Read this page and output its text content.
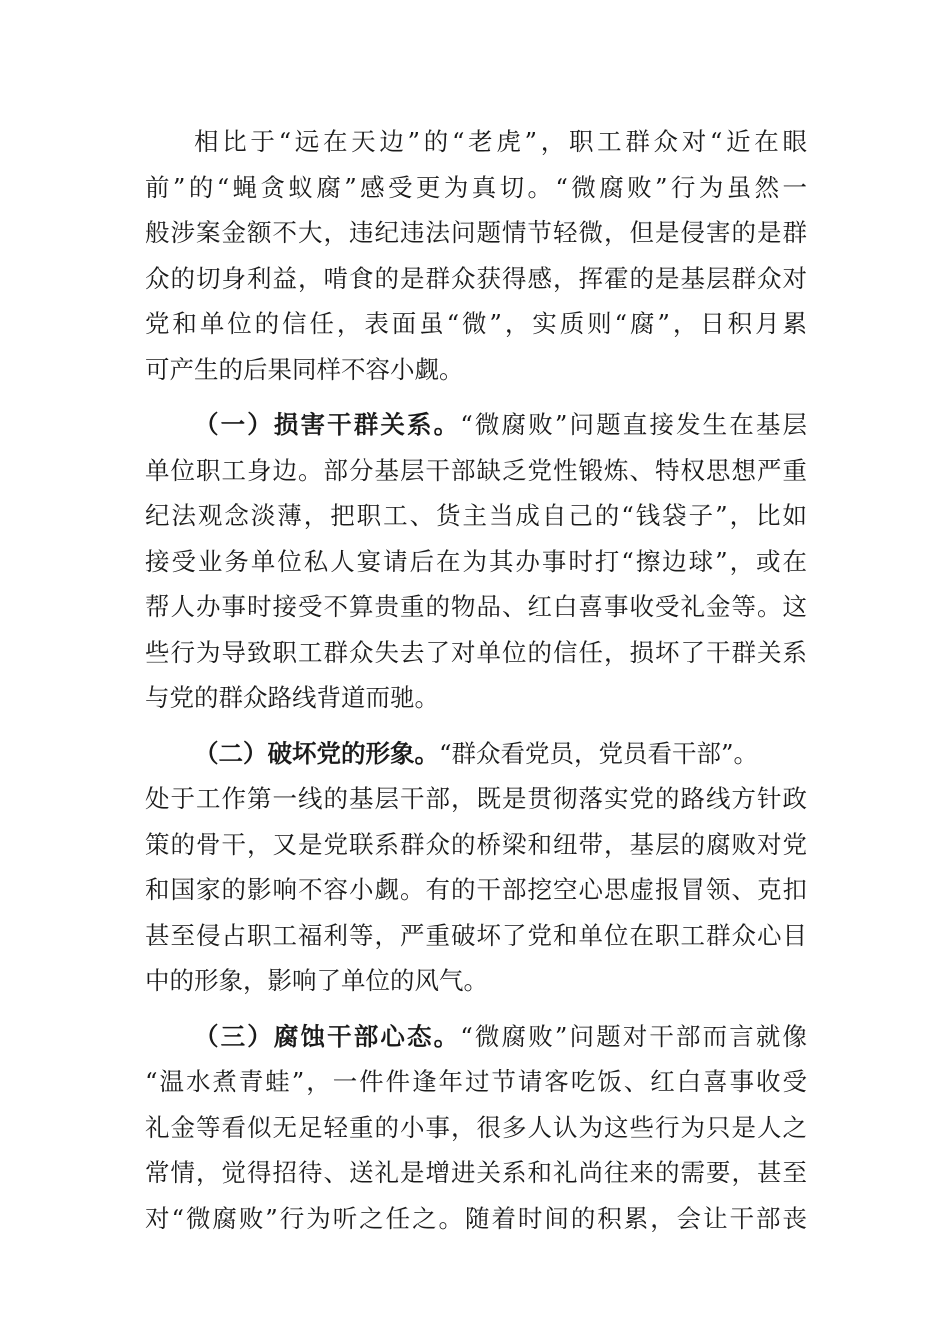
相比于“远在天边”的“老虎”，职工群众对“近在眼
前”的“蝇贪蚁腐”感受更为真切。“微腐败”行为虽然一
般涉案金额不大，违纪违法问题情节轻微，但是侵害的是群
众的切身利益，啃食的是群众获得感，挥霍的是基层群众对
党和单位的信任，表面虽“微”，实质则“腐”，日积月累
可产生的后果同样不容小觑。
（一）损害干群关系。“微腐败”问题直接发生在基层
单位职工身边。部分基层干部缺乏党性锻炼、特权思想严重
纪法观念淡薄，把职工、货主当成自己的“钱袋子”，比如
接受业务单位私人宴请后在为其办事时打“擦边球”，或在
帮人办事时接受不算贵重的物品、红白喜事收受礼金等。这
些行为导致职工群众失去了对单位的信任，损坏了干群关系
与党的群众路线背道而驰。
（二）破坏党的形象。“群众看党员，党员看干部”。
处于工作第一线的基层干部，既是贯彻落实党的路线方针政
策的骨干，又是党联系群众的桥梁和纽带，基层的腐败对党
和国家的影响不容小觑。有的干部挖空心思虚报冒领、克扣
甚至侵占职工福利等，严重破坏了党和单位在职工群众心目
中的形象，影响了单位的风气。
（三）腐蚀干部心态。“微腐败”问题对干部而言就像
“温水煮青蛙”，一件件逢年过节请客吃饭、红白喜事收受
礼金等看似无足轻重的小事，很多人认为这些行为只是人之
常情，觉得招待、送礼是增进关系和礼尚往来的需要，甚至
对“微腐败”行为听之任之。随着时间的积累，会让干部丧
